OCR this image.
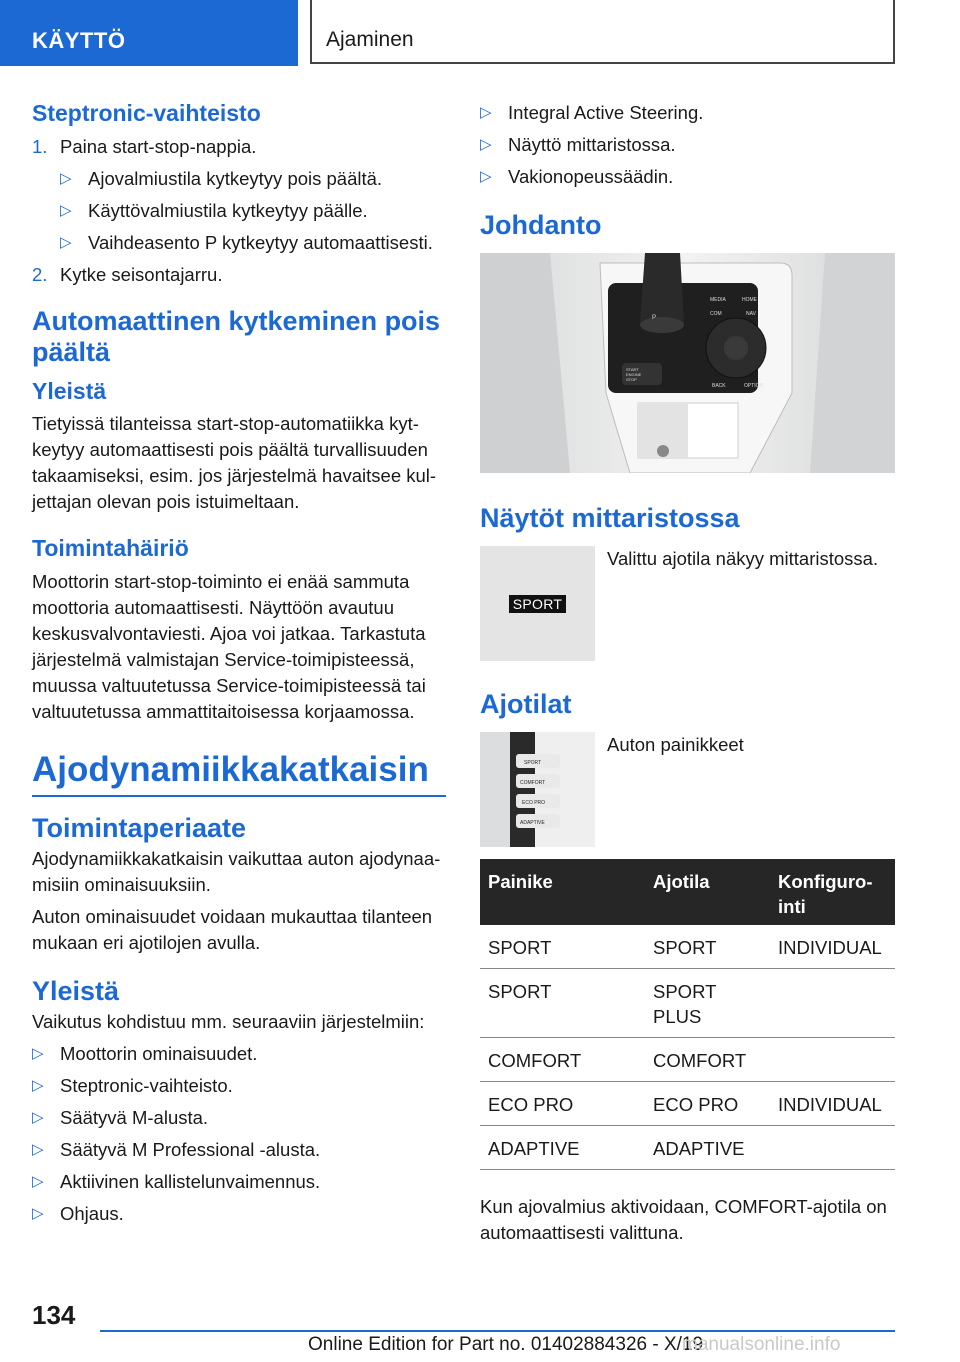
KÄYTTÖ	Ajaminen
Steptronic-vaihteisto
1. Paina start-stop-nappia.
▷ Ajovalmiustila kytkeytyy pois päältä.
▷ Käyttövalmiustila kytkeytyy päälle.
▷ Vaihdeasento P kytkeytyy automaattisesti.
2. Kytke seisontajarru.
Automaattinen kytkeminen pois päältä
Yleistä

Tietyissä tilanteissa start-stop-automatiikka kyt-keytyy automaattisesti pois päältä turvallisuuden takaamiseksi, esim. jos järjestelmä havaitsee kul-jettajan olevan pois istuimeltaan.

Toimintahäiriö

Moottorin start-stop-toiminto ei enää sammuta moottoria automaattisesti. Näyttöön avautuu keskusvalvontaviesti. Ajoa voi jatkaa. Tarkastuta järjestelmä valmistajan Service-toimipisteessä, muussa valtuutetussa Service-toimipisteessä tai valtuutetussa ammattitaitoisessa korjaamossa.

Ajodynamiikkakatkaisin
Toimintaperiaate

Ajodynamiikkakatkaisin vaikuttaa auton ajodynaa-misiin ominaisuuksiin.

Auton ominaisuudet voidaan mukauttaa tilanteen mukaan eri ajotilojen avulla.

Yleistä

Vaikutus kohdistuu mm. seuraaviin järjestelmiin:

▷ Moottorin ominaisuudet.
▷ Steptronic-vaihteisto.
▷ Säätyvä M-alusta.
▷ Säätyvä M Professional -alusta.
▷ Aktiivinen kallistelunvaimennus.
▷ Ohjaus.
▷ Integral Active Steering.
▷ Näyttö mittaristossa.
▷ Vakionopeussäädin.
Johdanto
MEDIA	HOME
COM	NAV
BACK	OPTION
START
ENGINE
STOP
P
Näytöt mittaristossa
SPORT
Valittu ajotila näkyy mittaristossa.
Ajotilat
SPORT
COMFORT
ECO PRO
ADAPTIVE
Auton painikkeet
Painike	Ajotila	Konfiguro-inti
SPORT	SPORT	INDIVIDUAL
SPORT	SPORT PLUS	
COMFORT	COMFORT	
ECO PRO	ECO PRO	INDIVIDUAL
ADAPTIVE	ADAPTIVE	

Kun ajovalmius aktivoidaan, COMFORT-ajotila on automaattisesti valittuna.

134
Online Edition for Part no. 01402884326 - X/19
manualsonline.info
